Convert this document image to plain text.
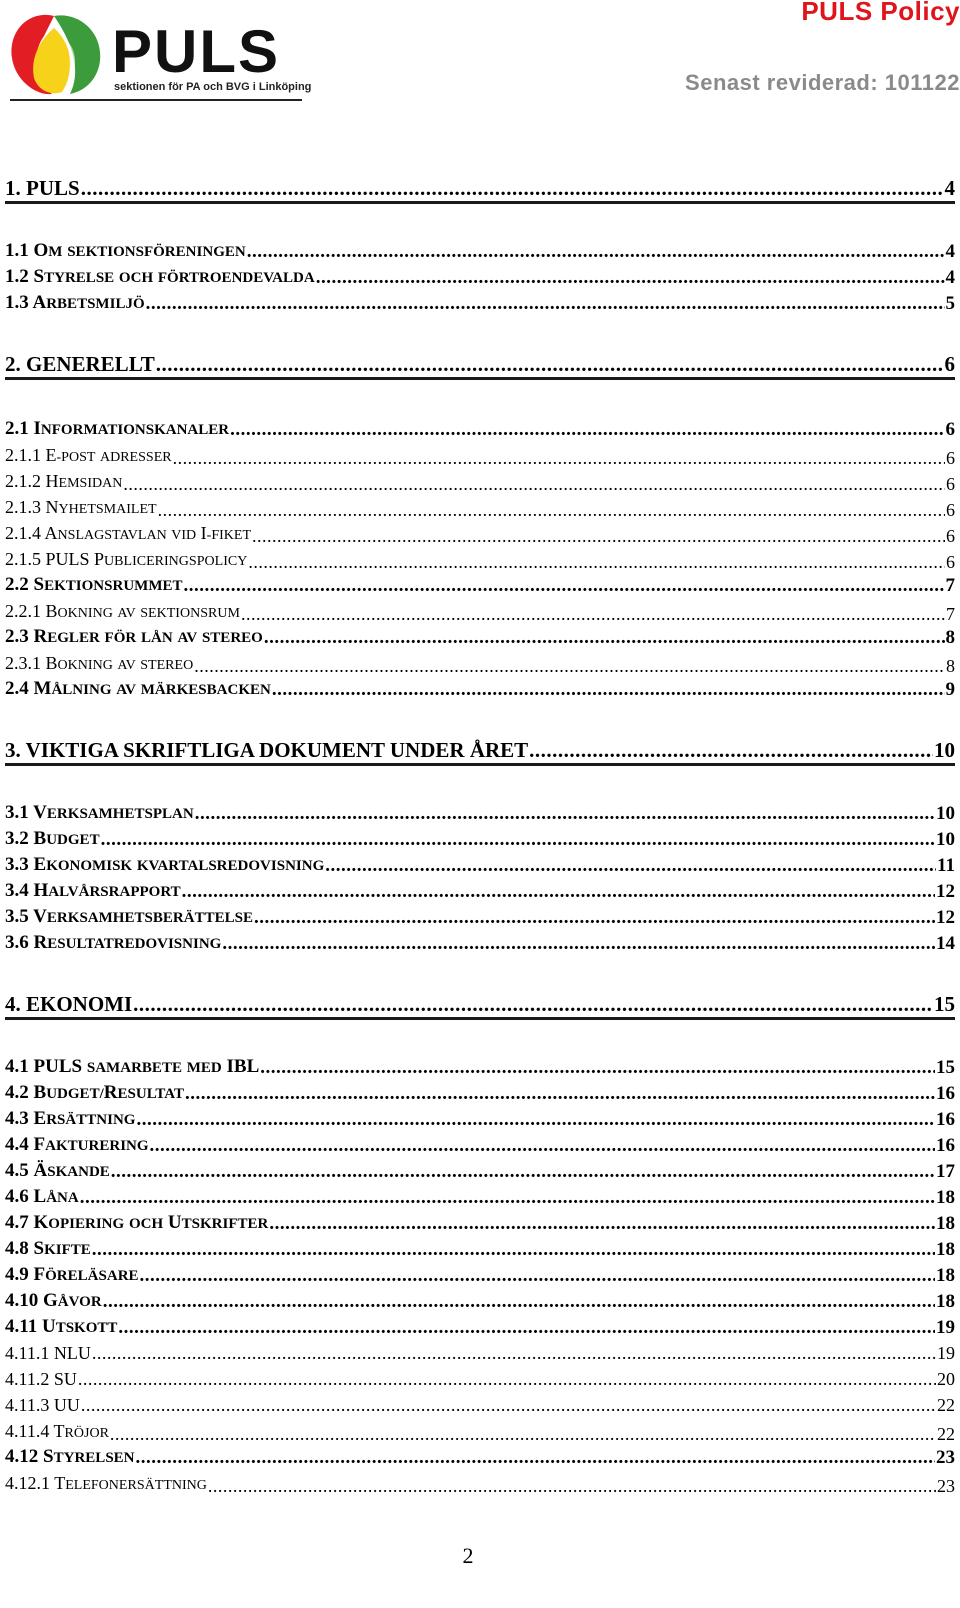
PULS
sektionen för PA och BVG i Linköping
PULS Policy
Senast reviderad: 101122
1. PULS .....	4
1.1 OM SEKTIONSFÖRENINGEN .....	4
1.2 STYRELSE OCH FÖRTROENDEVALDA .....	4
1.3 ARBETSMILJÖ .....	5
2. GENERELLT .....	6
2.1 INFORMATIONSKANALER .....	6
2.1.1 E-POST ADRESSER .....	6
2.1.2 HEMSIDAN .....	6
2.1.3 NYHETSMAILET .....	6
2.1.4 ANSLAGSTAVLAN VID I-FIKET .....	6
2.1.5 PULS PUBLICERINGSPOLICY .....	6
2.2 SEKTIONSRUMMET .....	7
2.2.1 BOKNING AV SEKTIONSRUM .....	7
2.3 REGLER FÖR LÅN AV STEREO .....	8
2.3.1 BOKNING AV STEREO .....	8
2.4 MÅLNING AV MÄRKESBACKEN .....	9
3. VIKTIGA SKRIFTLIGA DOKUMENT UNDER ÅRET .....	10
3.1 VERKSAMHETSPLAN .....	10
3.2 BUDGET .....	10
3.3 EKONOMISK KVARTALSREDOVISNING .....	11
3.4 HALVÅRSRAPPORT .....	12
3.5 VERKSAMHETSBERÄTTELSE .....	12
3.6 RESULTATREDOVISNING .....	14
4. EKONOMI .....	15
4.1 PULS SAMARBETE MED IBL .....	15
4.2 BUDGET/RESULTAT .....	16
4.3 ERSÄTTNING .....	16
4.4 FAKTURERING .....	16
4.5 ÄSKANDE .....	17
4.6 LÅNA .....	18
4.7 KOPIERING OCH UTSKRIFTER .....	18
4.8 SKIFTE .....	18
4.9 FÖRELÄSARE .....	18
4.10 GÅVOR .....	18
4.11 UTSKOTT .....	19
4.11.1 NLU .....	19
4.11.2 SU .....	20
4.11.3 UU .....	22
4.11.4 TRÖJOR .....	22
4.12 STYRELSEN .....	23
4.12.1 TELEFONERSÄTTNING .....	23
2
